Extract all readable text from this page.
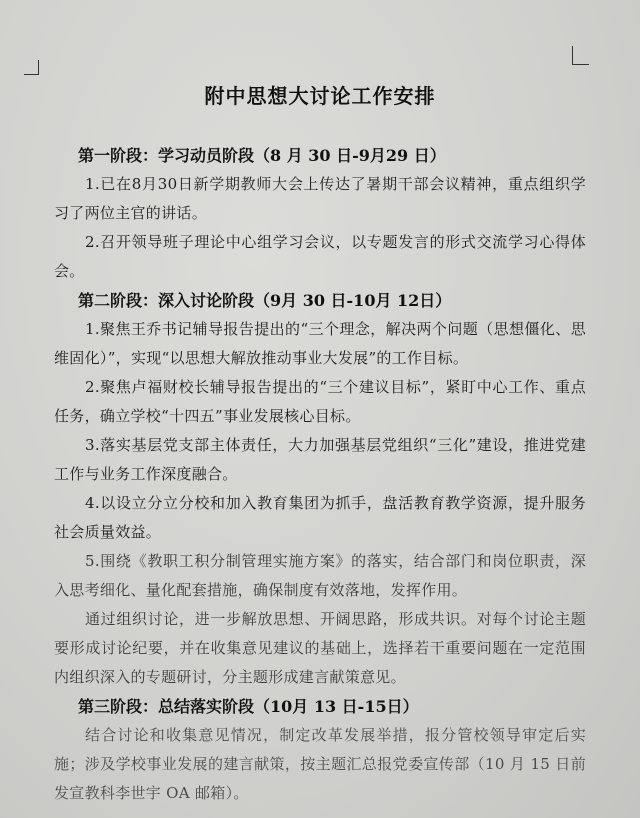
附中思想大讨论工作安排

第一阶段：学习动员阶段（8 月 30 日-9月29 日）

1.已在8月30日新学期教师大会上传达了暑期干部会议精神，重点组织学习了两位主官的讲话。

2.召开领导班子理论中心组学习会议，以专题发言的形式交流学习心得体会。

第二阶段：深入讨论阶段（9月 30 日-10月 12日）

1.聚焦王乔书记辅导报告提出的“三个理念，解决两个问题（思想僵化、思维固化）”，实现“以思想大解放推动事业大发展”的工作目标。

2.聚焦卢福财校长辅导报告提出的“三个建议目标”，紧盯中心工作、重点任务，确立学校“十四五”事业发展核心目标。

3.落实基层党支部主体责任，大力加强基层党组织“三化”建设，推进党建工作与业务工作深度融合。

4.以设立分立分校和加入教育集团为抓手，盘活教育教学资源，提升服务社会质量效益。

5.围绕《教职工积分制管理实施方案》的落实，结合部门和岗位职责，深入思考细化、量化配套措施，确保制度有效落地，发挥作用。

通过组织讨论，进一步解放思想、开阔思路，形成共识。对每个讨论主题要形成讨论纪要，并在收集意见建议的基础上，选择若干重要问题在一定范围内组织深入的专题研讨，分主题形成建言献策意见。

第三阶段：总结落实阶段（10月 13 日-15日）

结合讨论和收集意见情况，制定改革发展举措，报分管校领导审定后实施；涉及学校事业发展的建言献策，按主题汇总报党委宣传部（10 月 15 日前发宣教科李世宇 OA 邮箱）。
